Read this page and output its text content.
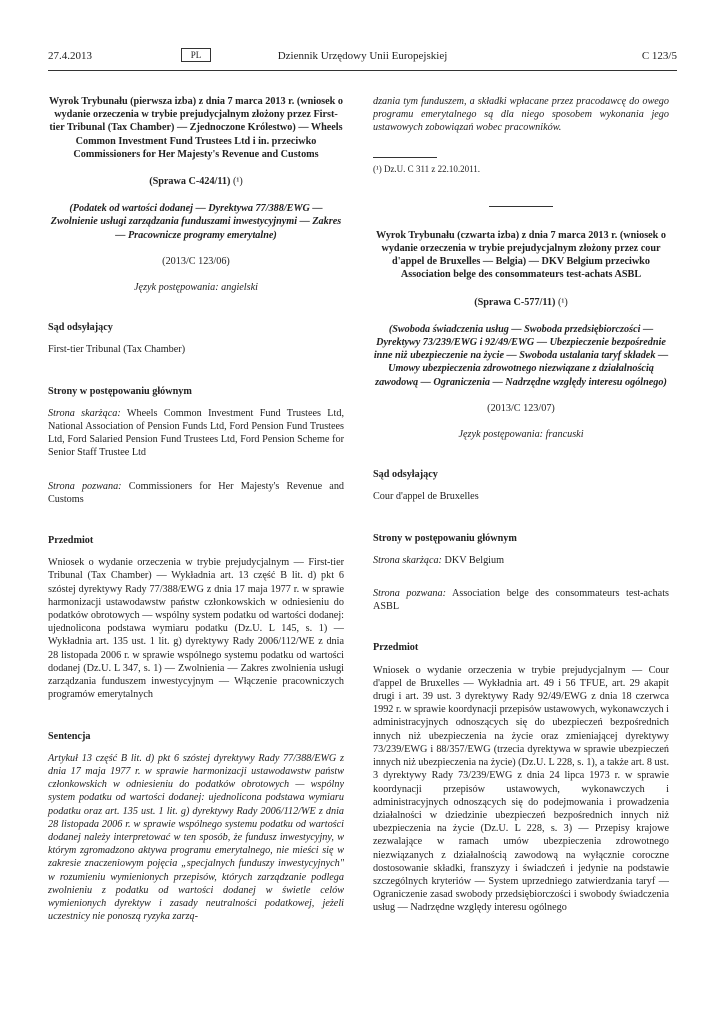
27.4.2013	PL	Dziennik Urzędowy Unii Europejskiej	C 123/5

Wyrok Trybunału (pierwsza izba) z dnia 7 marca 2013 r. (wniosek o wydanie orzeczenia w trybie prejudycjalnym złożony przez First-tier Tribunal (Tax Chamber) — Zjednoczone Królestwo) — Wheels Common Investment Fund Trustees Ltd i in. przeciwko Commissioners for Her Majesty's Revenue and Customs

(Sprawa C-424/11) (¹)

(Podatek od wartości dodanej — Dyrektywa 77/388/EWG — Zwolnienie usługi zarządzania funduszami inwestycyjnymi — Zakres — Pracownicze programy emerytalne)

(2013/C 123/06)

Język postępowania: angielski

Sąd odsyłający

First-tier Tribunal (Tax Chamber)

Strony w postępowaniu głównym

Strona skarżąca: Wheels Common Investment Fund Trustees Ltd, National Association of Pension Funds Ltd, Ford Pension Fund Trustees Ltd, Ford Salaried Pension Fund Trustees Ltd, Ford Pension Scheme for Senior Staff Trustee Ltd

Strona pozwana: Commissioners for Her Majesty's Revenue and Customs

Przedmiot

Wniosek o wydanie orzeczenia w trybie prejudycjalnym — First-tier Tribunal (Tax Chamber) — Wykładnia art. 13 część B lit. d) pkt 6 szóstej dyrektywy Rady 77/388/EWG z dnia 17 maja 1977 r. w sprawie harmonizacji ustawodawstw państw członkowskich w odniesieniu do podatków obrotowych — wspólny system podatku od wartości dodanej: ujednolicona podstawa wymiaru podatku (Dz.U. L 145, s. 1) — Wykładnia art. 135 ust. 1 lit. g) dyrektywy Rady 2006/112/WE z dnia 28 listopada 2006 r. w sprawie wspólnego systemu podatku od wartości dodanej (Dz.U. L 347, s. 1) — Zwolnienia — Zakres zwolnienia usługi zarządzania funduszem inwestycyjnym — Włączenie pracowniczych programów emerytalnych

Sentencja

Artykuł 13 część B lit. d) pkt 6 szóstej dyrektywy Rady 77/388/EWG z dnia 17 maja 1977 r. w sprawie harmonizacji ustawodawstw państw członkowskich w odniesieniu do podatków obrotowych — wspólny system podatku od wartości dodanej: ujednolicona podstawa wymiaru podatku oraz art. 135 ust. 1 lit. g) dyrektywy Rady 2006/112/WE z dnia 28 listopada 2006 r. w sprawie wspólnego systemu podatku od wartości dodanej należy interpretować w ten sposób, że fundusz inwestycyjny, w którym zgromadzono aktywa programu emerytalnego, nie mieści się w zakresie znaczeniowym pojęcia „specjalnych funduszy inwestycyjnych" w rozumieniu wymienionych przepisów, których zarządzanie podlega zwolnieniu z podatku od wartości dodanej w świetle celów wymienionych dyrektyw i zasady neutralności podatkowej, jeżeli uczestnicy nie ponoszą ryzyka zarzą-

dzania tym funduszem, a składki wpłacane przez pracodawcę do owego programu emerytalnego są dla niego sposobem wykonania jego ustawowych zobowiązań wobec pracowników.

(¹) Dz.U. C 311 z 22.10.2011.

Wyrok Trybunału (czwarta izba) z dnia 7 marca 2013 r. (wniosek o wydanie orzeczenia w trybie prejudycjalnym złożony przez cour d'appel de Bruxelles — Belgia) — DKV Belgium przeciwko Association belge des consommateurs test-achats ASBL

(Sprawa C-577/11) (¹)

(Swoboda świadczenia usług — Swoboda przedsiębiorczości — Dyrektywy 73/239/EWG i 92/49/EWG — Ubezpieczenie bezpośrednie inne niż ubezpieczenie na życie — Swoboda ustalania taryf składek — Umowy ubezpieczenia zdrowotnego niezwiązane z działalnością zawodową — Ograniczenia — Nadrzędne względy interesu ogólnego)

(2013/C 123/07)

Język postępowania: francuski

Sąd odsyłający

Cour d'appel de Bruxelles

Strony w postępowaniu głównym

Strona skarżąca: DKV Belgium

Strona pozwana: Association belge des consommateurs test-achats ASBL

Przedmiot

Wniosek o wydanie orzeczenia w trybie prejudycjalnym — Cour d'appel de Bruxelles — Wykładnia art. 49 i 56 TFUE, art. 29 akapit drugi i art. 39 ust. 3 dyrektywy Rady 92/49/EWG z dnia 18 czerwca 1992 r. w sprawie koordynacji przepisów ustawowych, wykonawczych i administracyjnych odnoszących się do ubezpieczeń bezpośrednich innych niż ubezpieczenia na życie oraz zmieniającej dyrektywy 73/239/EWG i 88/357/EWG (trzecia dyrektywa w sprawie ubezpieczeń innych niż ubezpieczenia na życie) (Dz.U. L 228, s. 1), a także art. 8 ust. 3 dyrektywy Rady 73/239/EWG z dnia 24 lipca 1973 r. w sprawie koordynacji przepisów ustawowych, wykonawczych i administracyjnych odnoszących się do podejmowania i prowadzenia działalności w dziedzinie ubezpieczeń bezpośrednich innych niż ubezpieczenia na życie (Dz.U. L 228, s. 3) — Przepisy krajowe zezwalające w ramach umów ubezpieczenia zdrowotnego niezwiązanych z działalnością zawodową na wyłącznie coroczne dostosowanie składki, franszyzy i świadczeń i jedynie na podstawie szczególnych kryteriów — System uprzedniego zatwierdzania taryf — Ograniczenie zasad swobody przedsiębiorczości i swobody świadczenia usług — Nadrzędne względy interesu ogólnego
